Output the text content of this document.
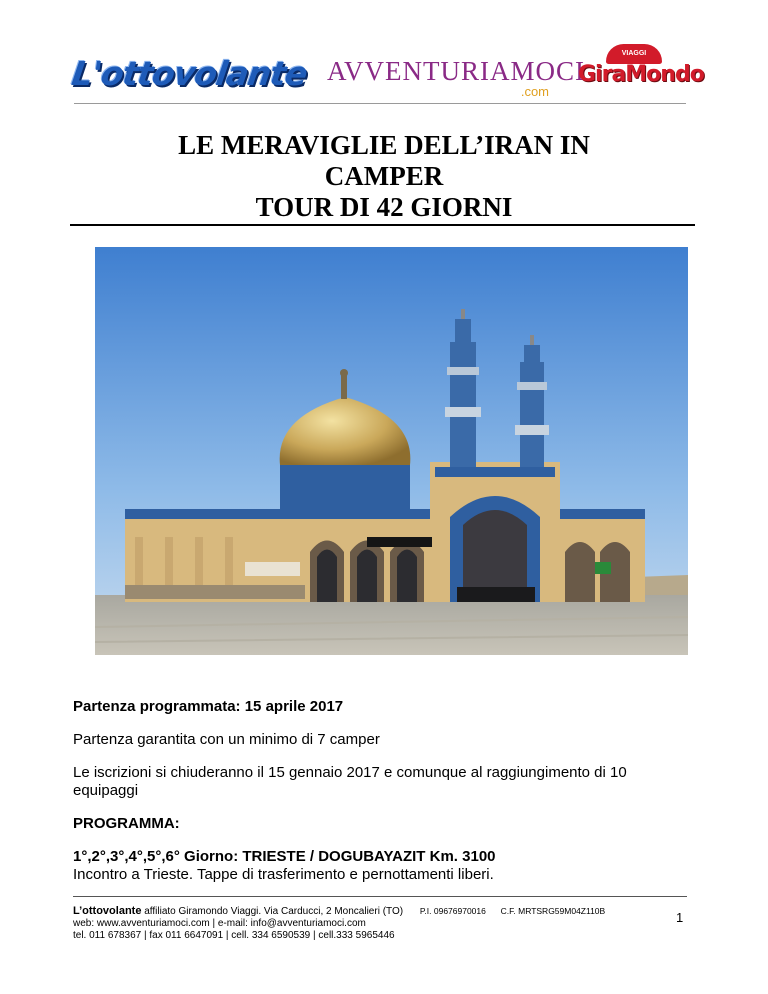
L'ottovolante AVVENTURIAMOCI
.com
VIAGGI
GiraMondo
LE MERAVIGLIE DELL’IRAN IN
CAMPER
TOUR DI 42 GIORNI
Partenza programmata: 15 aprile 2017
Partenza garantita con un minimo di 7 camper
Le iscrizioni si chiuderanno il 15 gennaio 2017 e comunque al raggiungimento di 10 equipaggi
PROGRAMMA:
1°,2°,3°,4°,5°,6° Giorno: TRIESTE / DOGUBAYAZIT Km. 3100
Incontro a Trieste. Tappe di trasferimento e pernottamenti liberi.
L’ottovolante affiliato Giramondo Viaggi. Via Carducci, 2 Moncalieri (TO) P.I. 09676970016 C.F. MRTSRG59M04Z110B
web: www.avventuriamoci.com | e-mail: info@avventuriamoci.com
tel. 011 678367 | fax 011 6647091 | cell. 334 6590539 | cell.333 5965446
1
